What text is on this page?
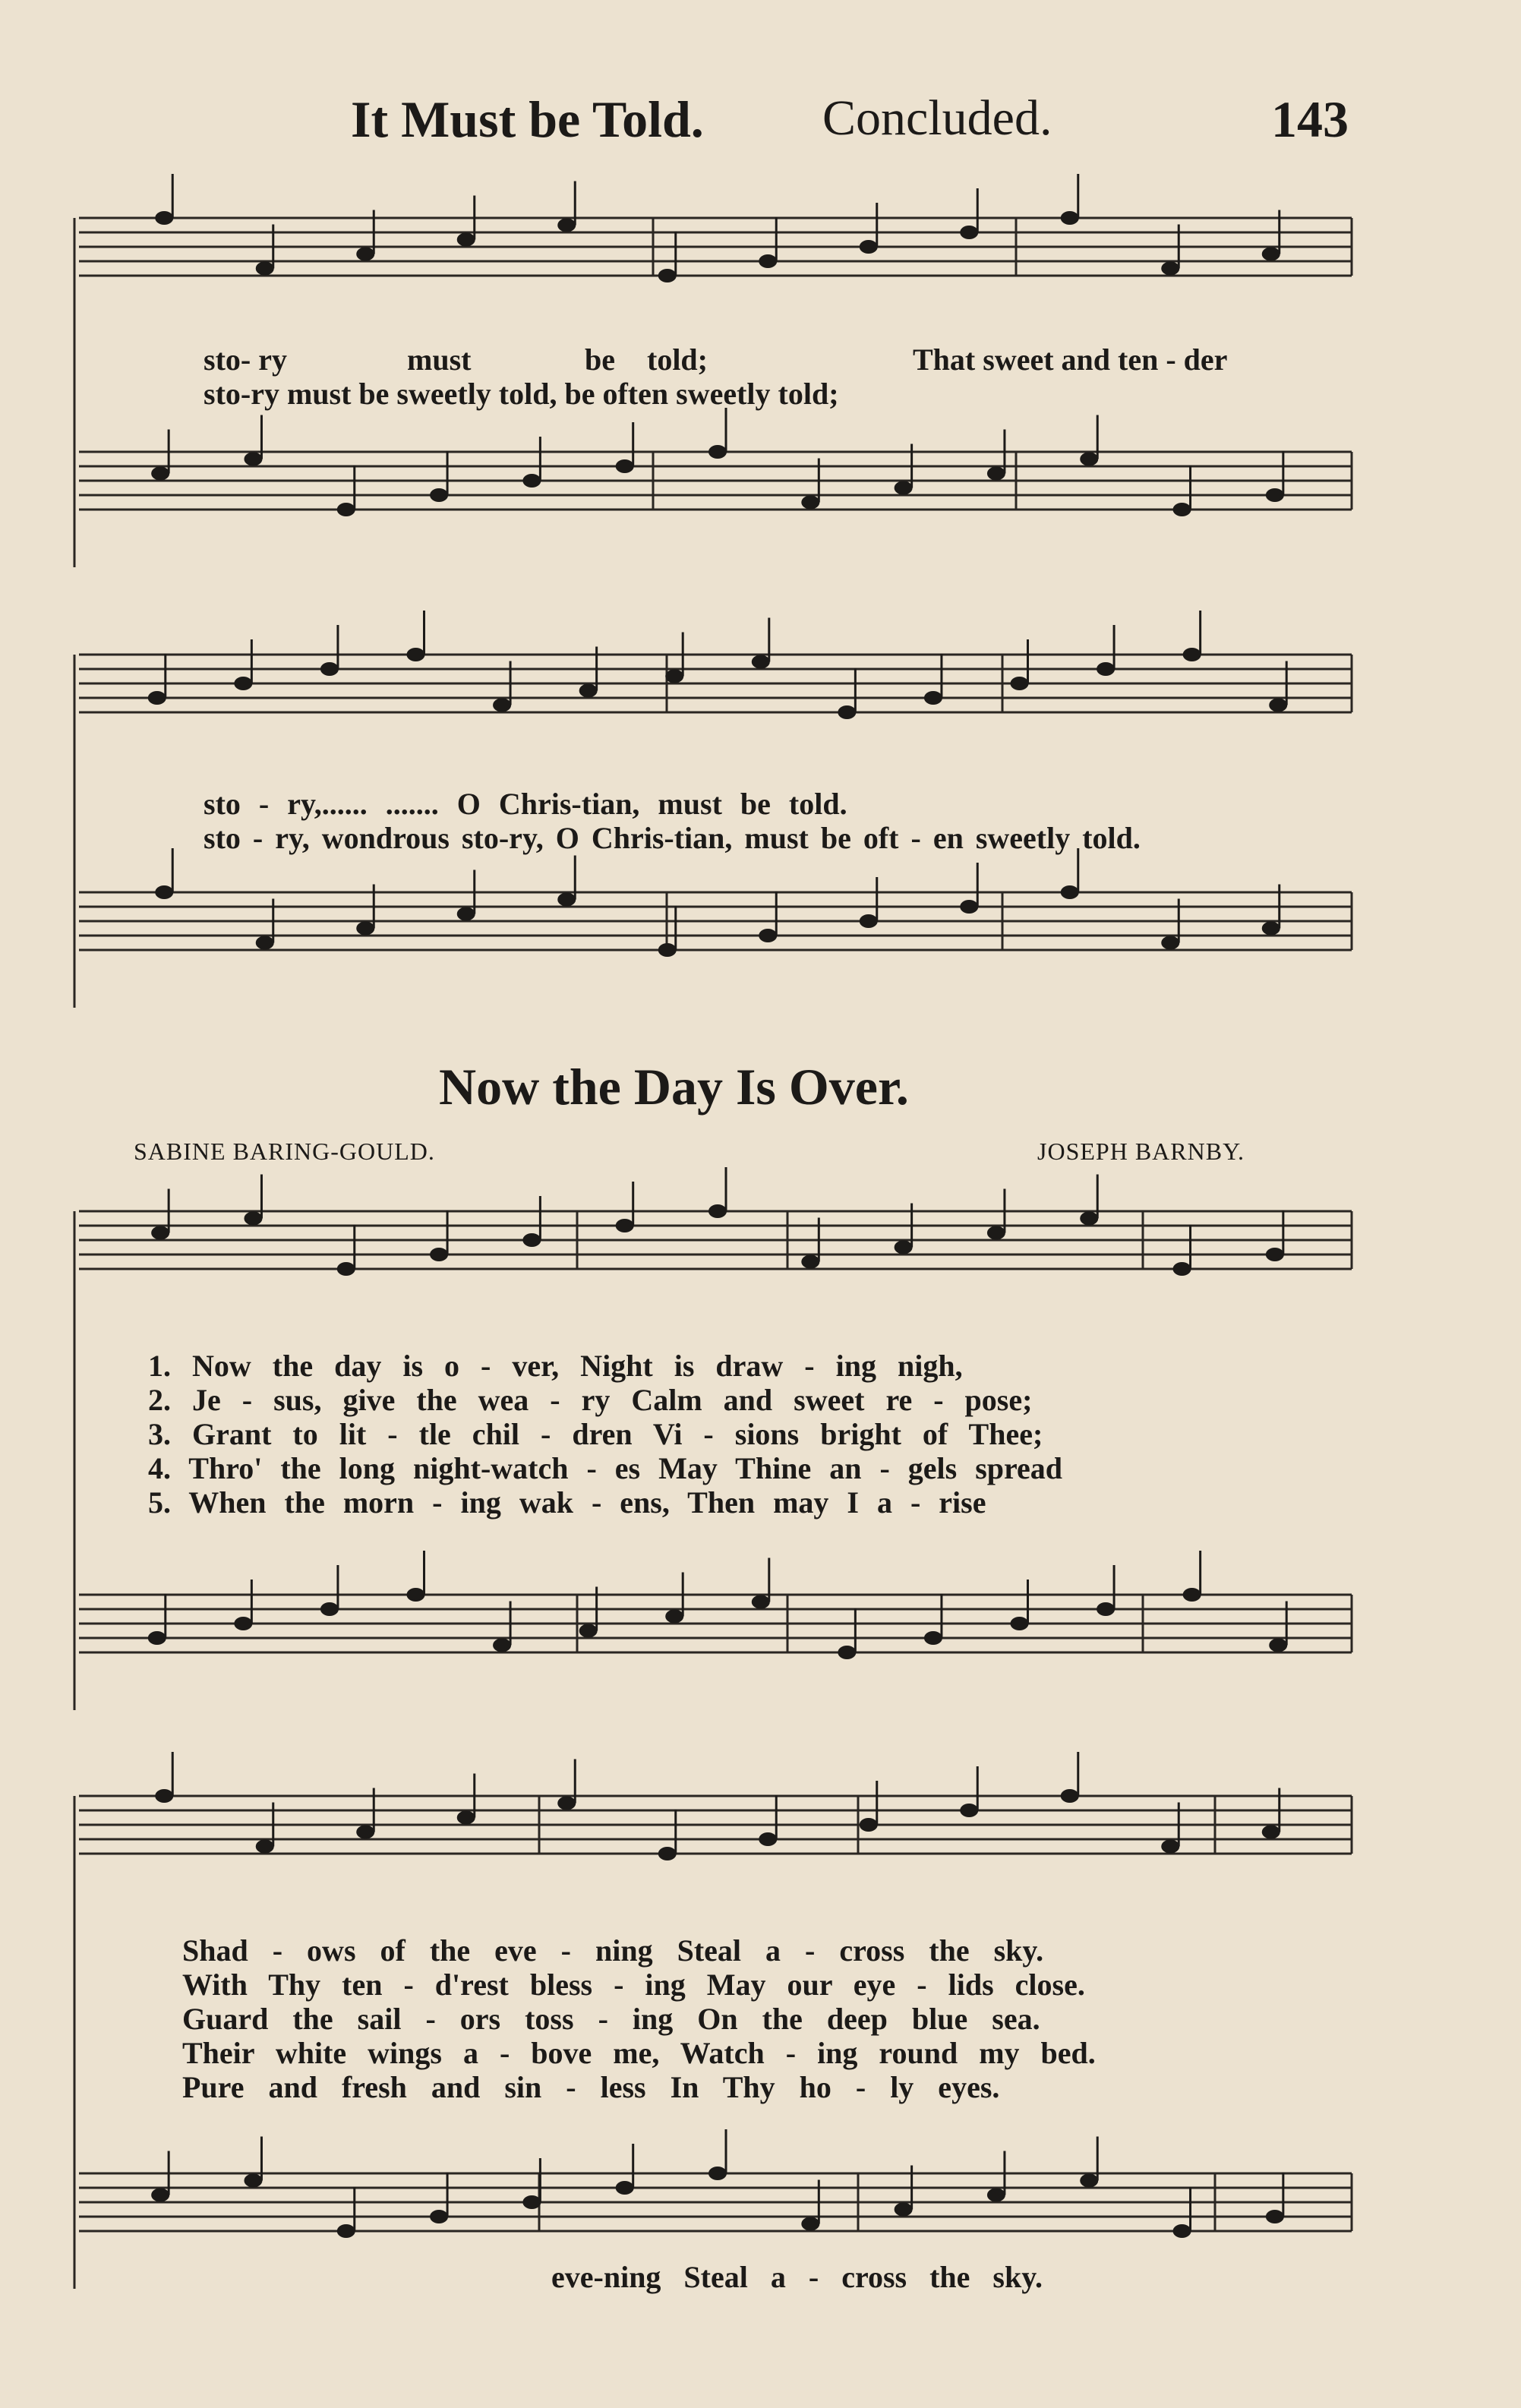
It Must be Told. Concluded.	143
sto- ry	must	be told;	That sweet and ten - der
sto-ry must be sweetly told, be often sweetly told;
sto - ry,...... ....... O Chris-tian, must be told.
sto - ry, wondrous sto-ry, O Chris-tian, must be oft - en sweetly told.
Now the Day Is Over.
SABINE BARING-GOULD.	JOSEPH BARNBY.
1. Now the day is o - ver, Night is draw - ing nigh,
2. Je - sus, give the wea - ry Calm and sweet re - pose;
3. Grant to lit - tle chil - dren Vi - sions bright of Thee;
4. Thro' the long night-watch - es May Thine an - gels spread
5. When the morn - ing wak - ens, Then may I a - rise
Shad - ows of the eve - ning Steal a - cross the sky.
With Thy ten - d'rest bless - ing May our eye - lids close.
Guard the sail - ors toss - ing On the deep blue sea.
Their white wings a - bove me, Watch - ing round my bed.
Pure and fresh and sin - less In Thy ho - ly eyes.
eve-ning Steal a - cross the sky.
